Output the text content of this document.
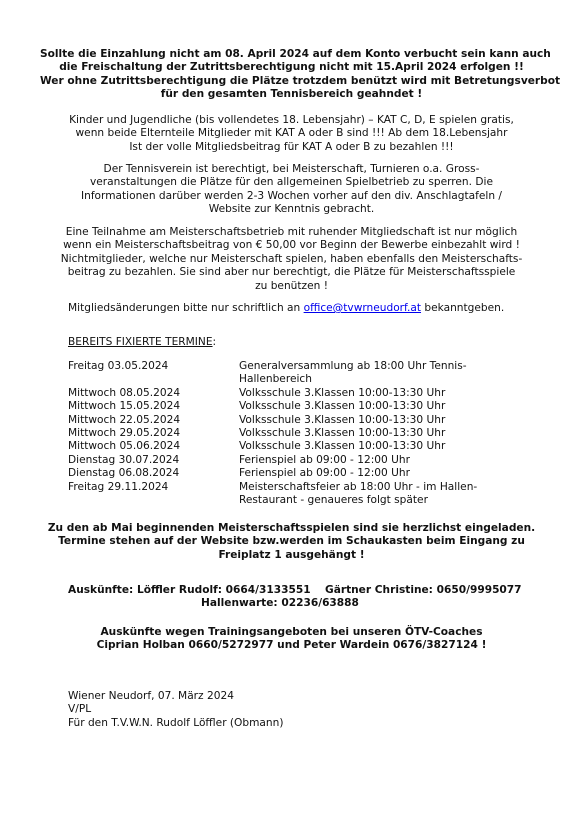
Sollte die Einzahlung nicht am 08. April 2024 auf dem Konto verbucht sein kann auch
die Freischaltung der Zutrittsberechtigung nicht mit 15.April 2024 erfolgen !!
Wer ohne Zutrittsberechtigung die Plätze trotzdem benützt wird mit Betretungsverbot
für den gesamten Tennisbereich geahndet !
Kinder und Jugendliche (bis vollendetes 18. Lebensjahr) – KAT C, D, E spielen gratis,
wenn beide Elternteile Mitglieder mit KAT A oder B sind !!! Ab dem 18.Lebensjahr
Ist der volle Mitgliedsbeitrag für KAT A oder B zu bezahlen !!!
Der Tennisverein ist berechtigt, bei Meisterschaft, Turnieren o.a. Gross-
veranstaltungen die Plätze für den allgemeinen Spielbetrieb zu sperren. Die
Informationen darüber werden 2-3 Wochen vorher auf den div. Anschlagtafeln /
Website zur Kenntnis gebracht.
Eine Teilnahme am Meisterschaftsbetrieb mit ruhender Mitgliedschaft ist nur möglich
wenn ein Meisterschaftsbeitrag von € 50,00 vor Beginn der Bewerbe einbezahlt wird !
Nichtmitglieder, welche nur Meisterschaft spielen, haben ebenfalls den Meisterschafts-
beitrag zu bezahlen. Sie sind aber nur berechtigt, die Plätze für Meisterschaftsspiele
zu benützen !
Mitgliedsänderungen bitte nur schriftlich an office@tvwrneudorf.at bekanntgeben.
BEREITS FIXIERTE TERMINE:
Freitag 03.05.2024	Generalversammlung ab 18:00 Uhr Tennis-Hallenbereich
Mittwoch 08.05.2024	Volksschule 3.Klassen 10:00-13:30 Uhr
Mittwoch 15.05.2024	Volksschule 3.Klassen 10:00-13:30 Uhr
Mittwoch 22.05.2024	Volksschule 3.Klassen 10:00-13:30 Uhr
Mittwoch 29.05.2024	Volksschule 3.Klassen 10:00-13:30 Uhr
Mittwoch 05.06.2024	Volksschule 3.Klassen 10:00-13:30 Uhr
Dienstag 30.07.2024	Ferienspiel ab 09:00 - 12:00 Uhr
Dienstag 06.08.2024	Ferienspiel ab 09:00 - 12:00 Uhr
Freitag 29.11.2024	Meisterschaftsfeier ab 18:00 Uhr - im Hallen-Restaurant - genaueres folgt später
Zu den ab Mai beginnenden Meisterschaftsspielen sind sie herzlichst eingeladen.
Termine stehen auf der Website bzw.werden im Schaukasten beim Eingang zu
Freiplatz 1 ausgehängt !
Auskünfte: Löffler Rudolf: 0664/3133551 Gärtner Christine: 0650/9995077
Hallenwarte: 02236/63888
Auskünfte wegen Trainingsangeboten bei unseren ÖTV-Coaches
Ciprian Holban 0660/5272977 und Peter Wardein 0676/3827124 !
Wiener Neudorf, 07. März 2024
V/PL
Für den T.V.W.N. Rudolf Löffler (Obmann)
